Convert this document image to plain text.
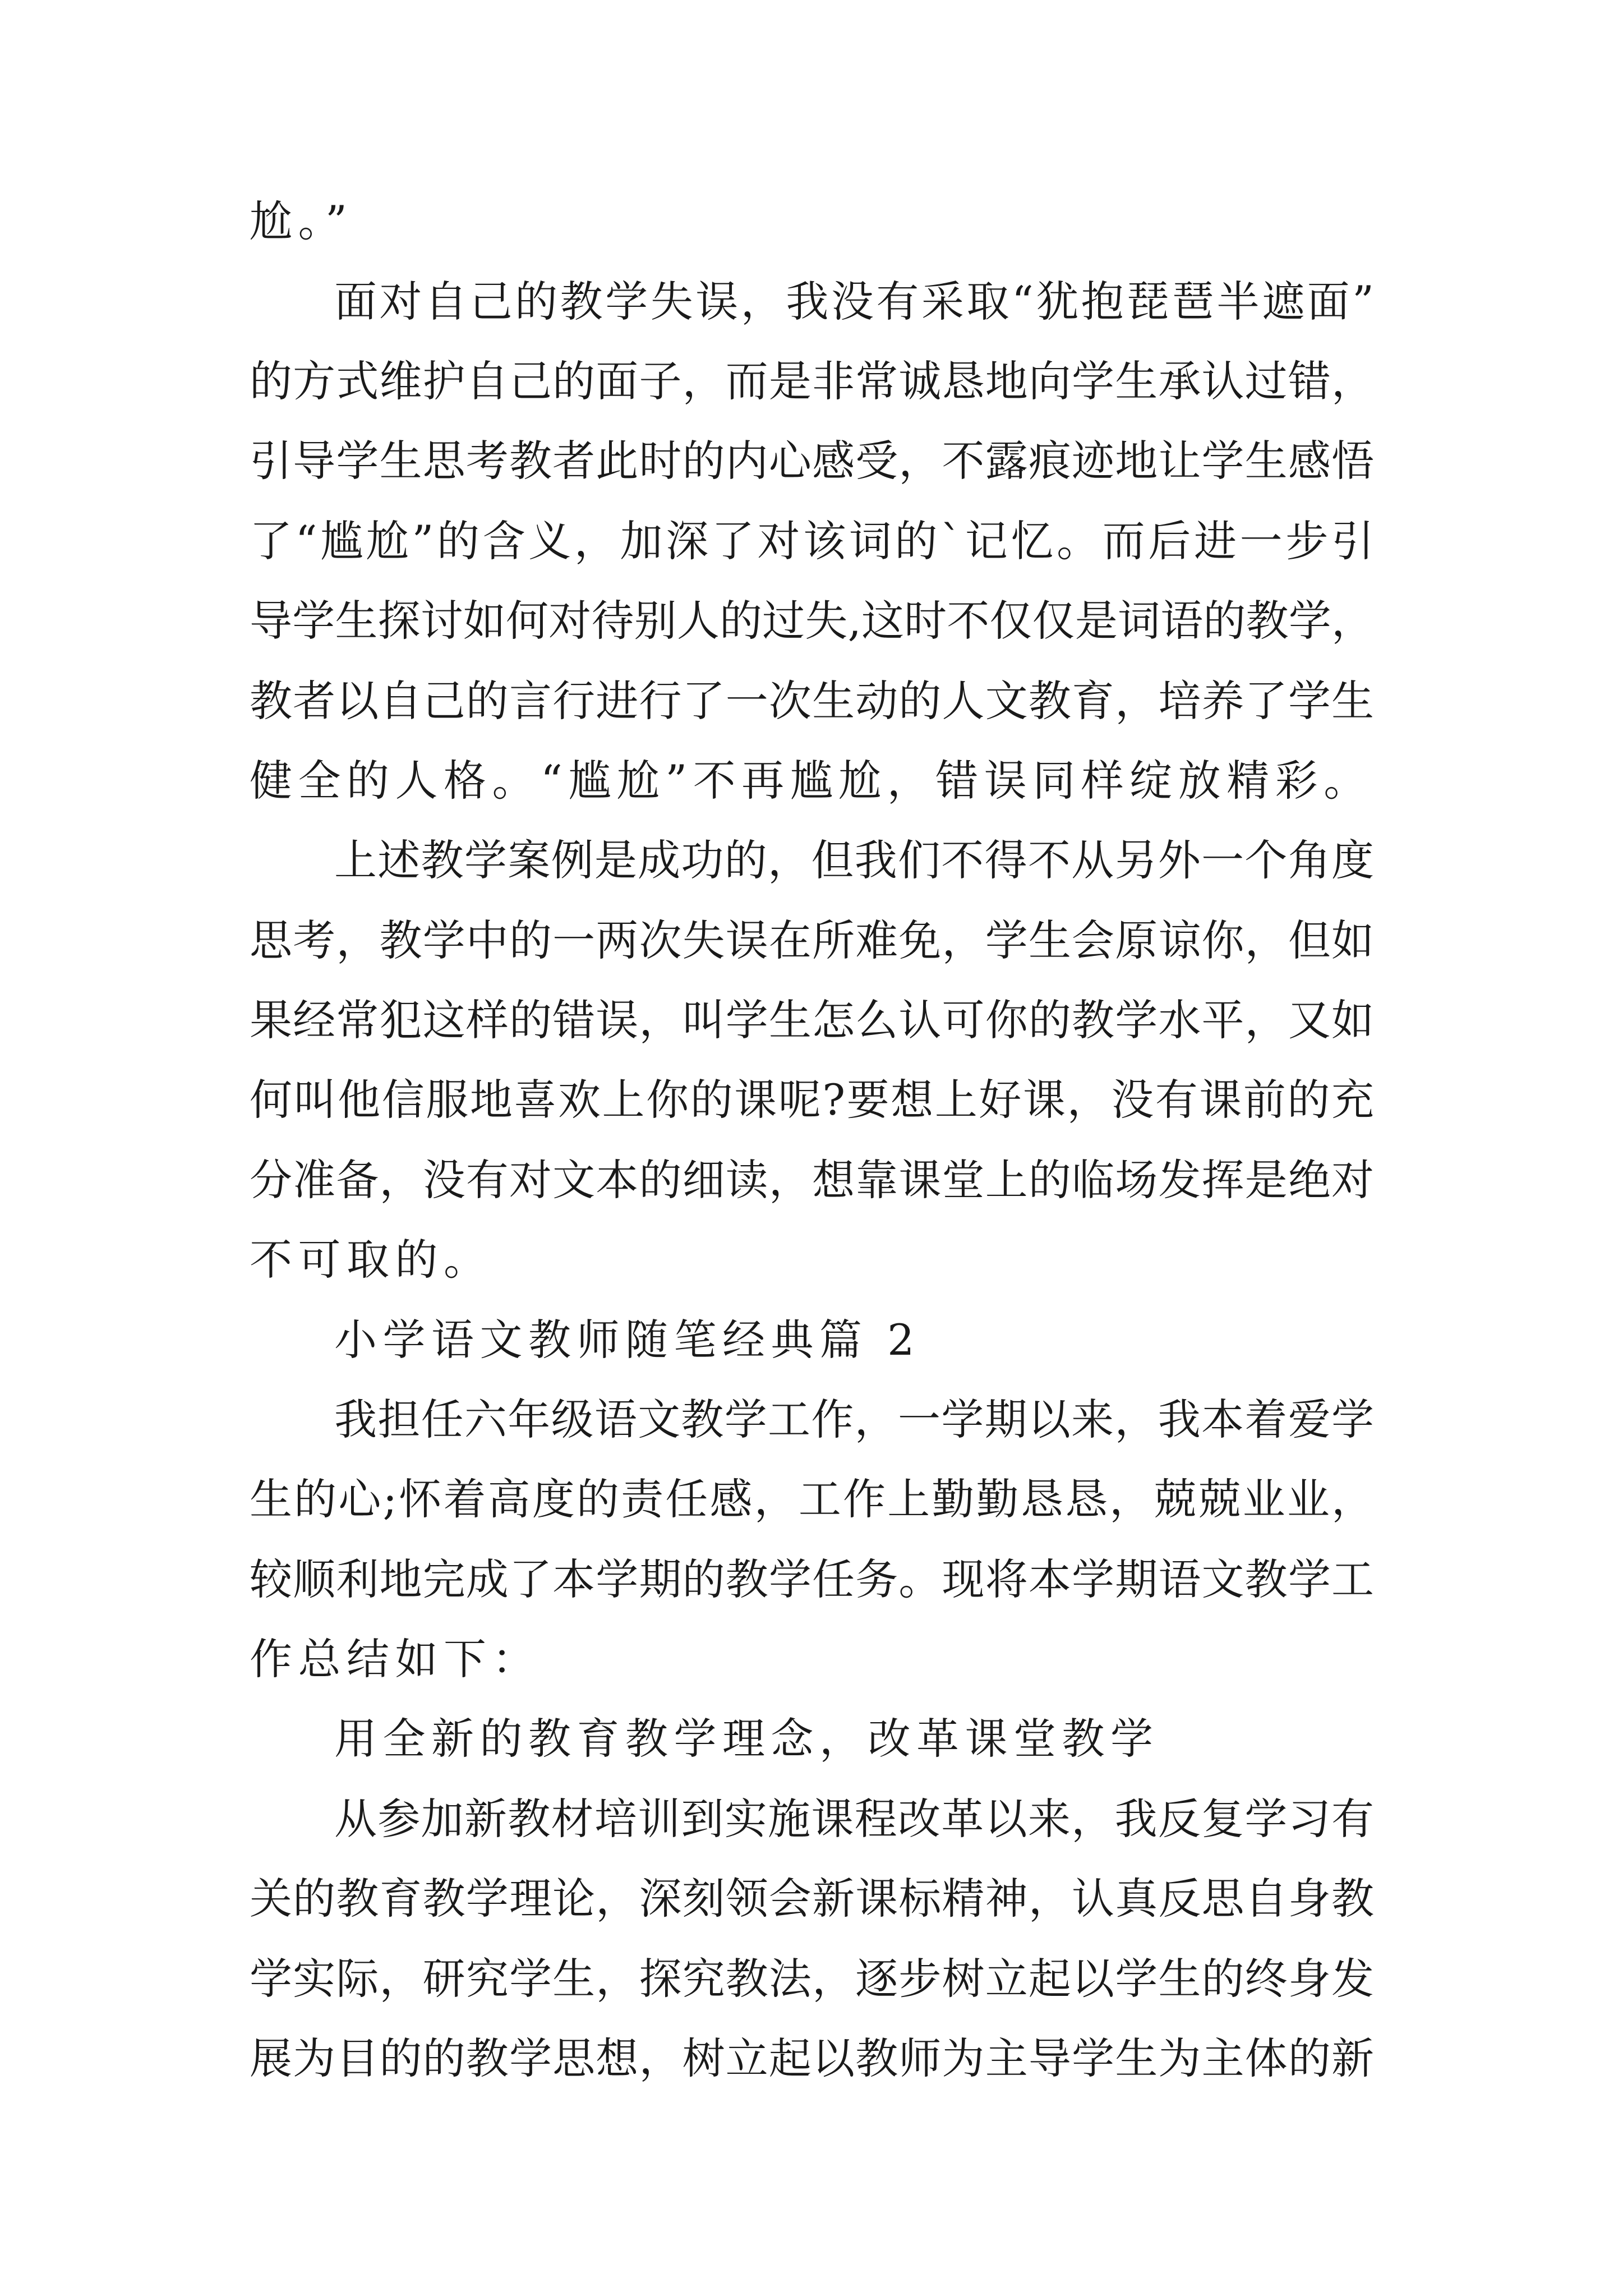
尬。”
面对自己的教学失误，我没有采取“犹抱琵琶半遮面”
的方式维护自己的面子，而是非常诚恳地向学生承认过错，
引导学生思考教者此时的内心感受，不露痕迹地让学生感悟
了“尴尬”的含义，加深了对该词的`记忆。而后进一步引
导学生探讨如何对待别人的过失,这时不仅仅是词语的教学，
教者以自己的言行进行了一次生动的人文教育，培养了学生
健全的人格。“尴尬”不再尴尬，错误同样绽放精彩。
上述教学案例是成功的，但我们不得不从另外一个角度
思考，教学中的一两次失误在所难免，学生会原谅你，但如
果经常犯这样的错误，叫学生怎么认可你的教学水平，又如
何叫他信服地喜欢上你的课呢?要想上好课，没有课前的充
分准备，没有对文本的细读，想靠课堂上的临场发挥是绝对
不可取的。
小学语文教师随笔经典篇 2
我担任六年级语文教学工作，一学期以来，我本着爱学
生的心;怀着高度的责任感，工作上勤勤恳恳，兢兢业业，
较顺利地完成了本学期的教学任务。现将本学期语文教学工
作总结如下：
用全新的教育教学理念，改革课堂教学
从参加新教材培训到实施课程改革以来，我反复学习有
关的教育教学理论，深刻领会新课标精神，认真反思自身教
学实际，研究学生，探究教法，逐步树立起以学生的终身发
展为目的的教学思想，树立起以教师为主导学生为主体的新
